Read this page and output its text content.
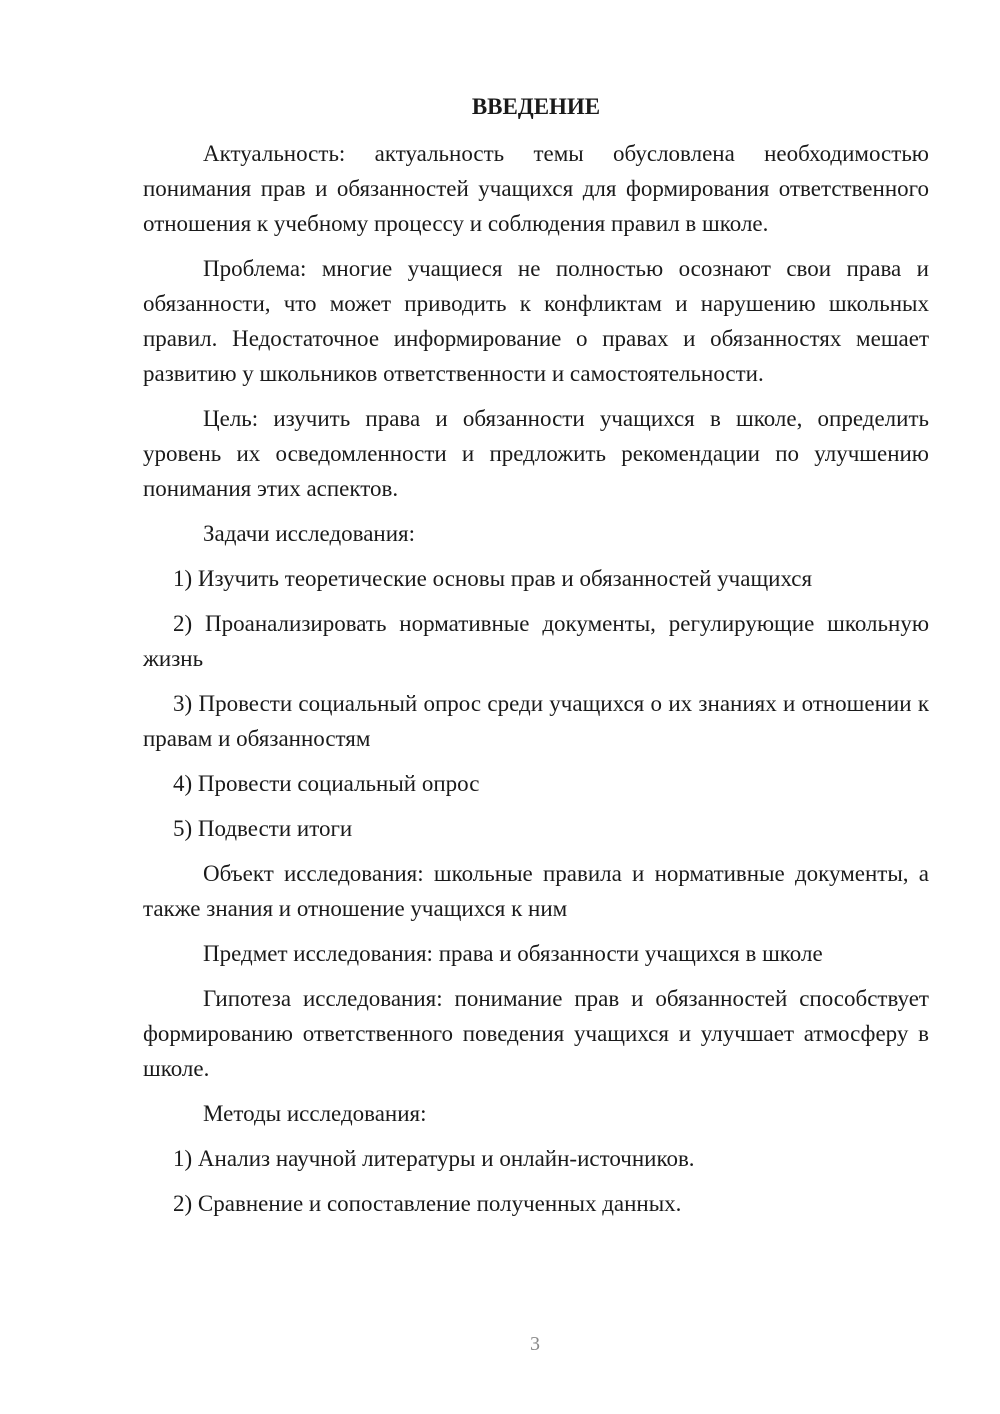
ВВЕДЕНИЕ
Актуальность: актуальность темы обусловлена необходимостью понимания прав и обязанностей учащихся для формирования ответственного отношения к учебному процессу и соблюдения правил в школе.
Проблема: многие учащиеся не полностью осознают свои права и обязанности, что может приводить к конфликтам и нарушению школьных правил. Недостаточное информирование о правах и обязанностях мешает развитию у школьников ответственности и самостоятельности.
Цель: изучить права и обязанности учащихся в школе, определить уровень их осведомленности и предложить рекомендации по улучшению понимания этих аспектов.
Задачи исследования:
1) Изучить теоретические основы прав и обязанностей учащихся
2) Проанализировать нормативные документы, регулирующие школьную жизнь
3) Провести социальный опрос среди учащихся о их знаниях и отношении к правам и обязанностям
4) Провести социальный опрос
5) Подвести итоги
Объект исследования: школьные правила и нормативные документы, а также знания и отношение учащихся к ним
Предмет исследования: права и обязанности учащихся в школе
Гипотеза исследования: понимание прав и обязанностей способствует формированию ответственного поведения учащихся и улучшает атмосферу в школе.
Методы исследования:
1) Анализ научной литературы и онлайн-источников.
2) Сравнение и сопоставление полученных данных.
3
